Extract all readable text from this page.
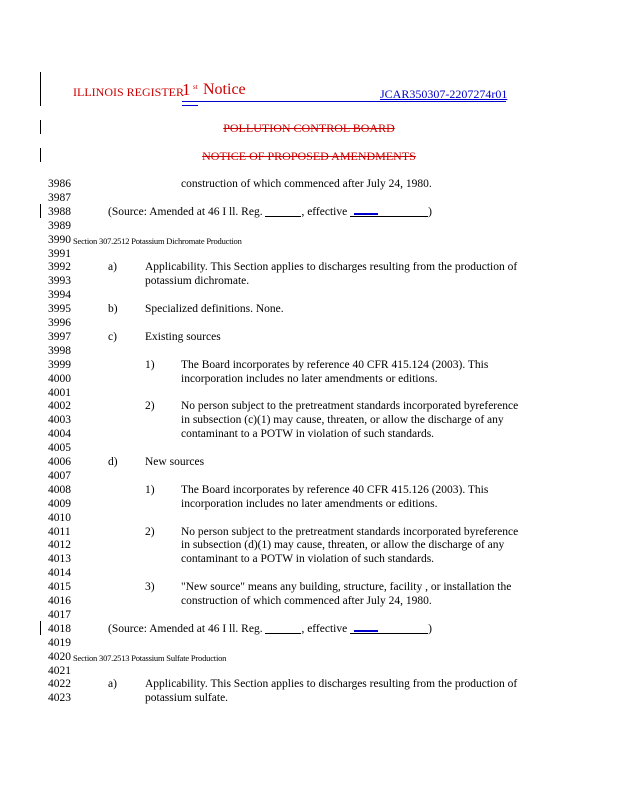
ILLINOIS REGISTER
1 st Notice	JCAR350307-2207274r01
POLLUTION CONTROL BOARD
NOTICE OF PROPOSED AMENDMENTS
3986	construction of which commenced after July 24, 1980.
3987
3988	(Source: Amended at 46 I ll. Reg.	, effective	)
3989
3990 Section 307.2512 Potassium Dichromate Production
3991
3992	a) Applicability. This Section applies to discharges resulting from the production of
3993	potassium dichromate.
3994
3995	b) Specialized definitions. None.
3996
3997	c) Existing sources
3998
3999	1) The Board incorporates by reference 40 CFR 415.124 (2003). This
4000	incorporation includes no later amendments or editions.
4001
4002	2) No person subject to the pretreatment standards incorporated byreference
4003	in subsection (c)(1) may cause, threaten, or allow the discharge of any
4004	contaminant to a POTW in violation of such standards.
4005
4006	d) New sources
4007
4008	1) The Board incorporates by reference 40 CFR 415.126 (2003). This
4009	incorporation includes no later amendments or editions.
4010
4011	2) No person subject to the pretreatment standards incorporated byreference
4012	in subsection (d)(1) may cause, threaten, or allow the discharge of any
4013	contaminant to a POTW in violation of such standards.
4014
4015	3) "New source" means any building, structure, facility , or installation the
4016	construction of which commenced after July 24, 1980.
4017
4018	(Source: Amended at 46 I ll. Reg.	, effective	)
4019
4020 Section 307.2513 Potassium Sulfate Production
4021
4022	a) Applicability. This Section applies to discharges resulting from the production of
4023	potassium sulfate.
